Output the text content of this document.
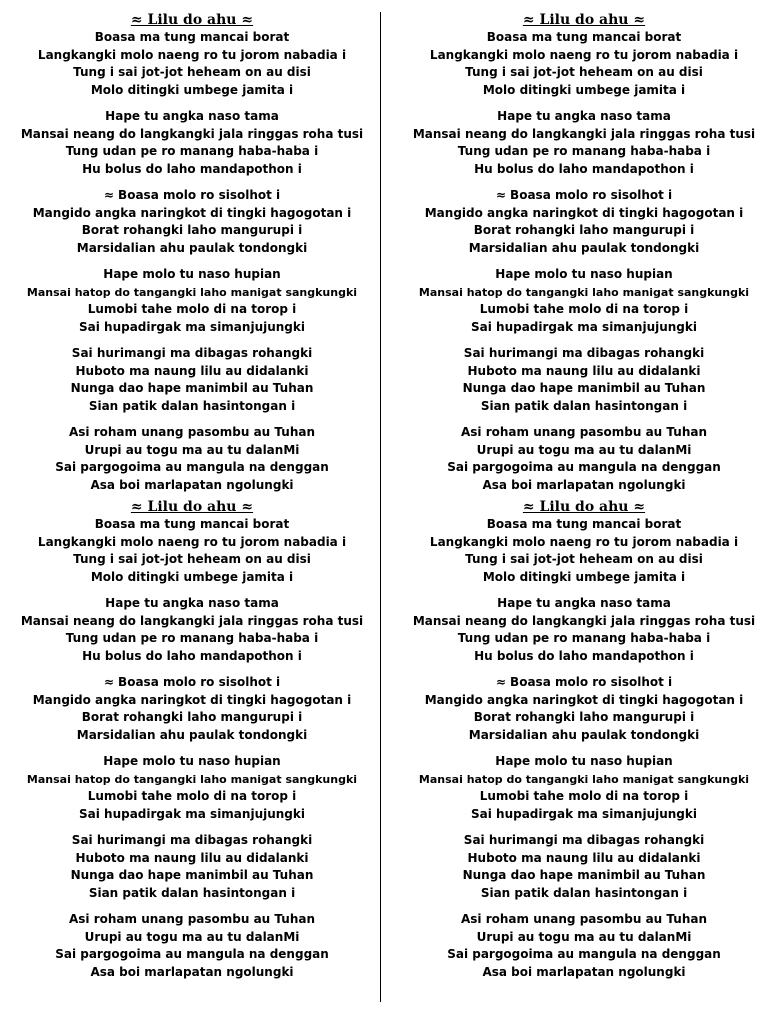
≈ Lilu do ahu ≈
Boasa ma tung mancai borat
Langkangki molo naeng ro tu jorom nabadia i
Tung i sai jot-jot heheam on au disi
Molo ditingki umbege jamita i
Hape tu angka naso tama
Mansai neang do langkangki jala ringgas roha tusi
Tung udan pe ro manang haba-haba i
Hu bolus do laho mandapothon i
≈ Boasa molo ro sisolhot i
Mangido angka naringkot di tingki hagogotan i
Borat rohangki laho mangurupi i
Marsidalian ahu paulak tondongki
Hape molo tu naso hupian
Mansai hatop do tangangki laho manigat sangkungki
Lumobi tahe molo di na torop i
Sai hupadirgak ma simanjujungki
Sai hurimangi ma dibagas rohangki
Huboto ma naung lilu au didalanki
Nunga dao hape manimbil au Tuhan
Sian patik dalan hasintongan i
Asi roham unang pasombu au Tuhan
Urupi au togu ma au tu dalanMi
Sai pargogoima au mangula na denggan
Asa boi marlapatan ngolungki
≈ Lilu do ahu ≈
Boasa ma tung mancai borat
Langkangki molo naeng ro tu jorom nabadia i
Tung i sai jot-jot heheam on au disi
Molo ditingki umbege jamita i
Hape tu angka naso tama
Mansai neang do langkangki jala ringgas roha tusi
Tung udan pe ro manang haba-haba i
Hu bolus do laho mandapothon i
≈ Boasa molo ro sisolhot i
Mangido angka naringkot di tingki hagogotan i
Borat rohangki laho mangurupi i
Marsidalian ahu paulak tondongki
Hape molo tu naso hupian
Mansai hatop do tangangki laho manigat sangkungki
Lumobi tahe molo di na torop i
Sai hupadirgak ma simanjujungki
Sai hurimangi ma dibagas rohangki
Huboto ma naung lilu au didalanki
Nunga dao hape manimbil au Tuhan
Sian patik dalan hasintongan i
Asi roham unang pasombu au Tuhan
Urupi au togu ma au tu dalanMi
Sai pargogoima au mangula na denggan
Asa boi marlapatan ngolungki
≈ Lilu do ahu ≈
Boasa ma tung mancai borat
Langkangki molo naeng ro tu jorom nabadia i
Tung i sai jot-jot heheam on au disi
Molo ditingki umbege jamita i
Hape tu angka naso tama
Mansai neang do langkangki jala ringgas roha tusi
Tung udan pe ro manang haba-haba i
Hu bolus do laho mandapothon i
≈ Boasa molo ro sisolhot i
Mangido angka naringkot di tingki hagogotan i
Borat rohangki laho mangurupi i
Marsidalian ahu paulak tondongki
Hape molo tu naso hupian
Mansai hatop do tangangki laho manigat sangkungki
Lumobi tahe molo di na torop i
Sai hupadirgak ma simanjujungki
Sai hurimangi ma dibagas rohangki
Huboto ma naung lilu au didalanki
Nunga dao hape manimbil au Tuhan
Sian patik dalan hasintongan i
Asi roham unang pasombu au Tuhan
Urupi au togu ma au tu dalanMi
Sai pargogoima au mangula na denggan
Asa boi marlapatan ngolungki
≈ Lilu do ahu ≈
Boasa ma tung mancai borat
Langkangki molo naeng ro tu jorom nabadia i
Tung i sai jot-jot heheam on au disi
Molo ditingki umbege jamita i
Hape tu angka naso tama
Mansai neang do langkangki jala ringgas roha tusi
Tung udan pe ro manang haba-haba i
Hu bolus do laho mandapothon i
≈ Boasa molo ro sisolhot i
Mangido angka naringkot di tingki hagogotan i
Borat rohangki laho mangurupi i
Marsidalian ahu paulak tondongki
Hape molo tu naso hupian
Mansai hatop do tangangki laho manigat sangkungki
Lumobi tahe molo di na torop i
Sai hupadirgak ma simanjujungki
Sai hurimangi ma dibagas rohangki
Huboto ma naung lilu au didalanki
Nunga dao hape manimbil au Tuhan
Sian patik dalan hasintongan i
Asi roham unang pasombu au Tuhan
Urupi au togu ma au tu dalanMi
Sai pargogoima au mangula na denggan
Asa boi marlapatan ngolungki
